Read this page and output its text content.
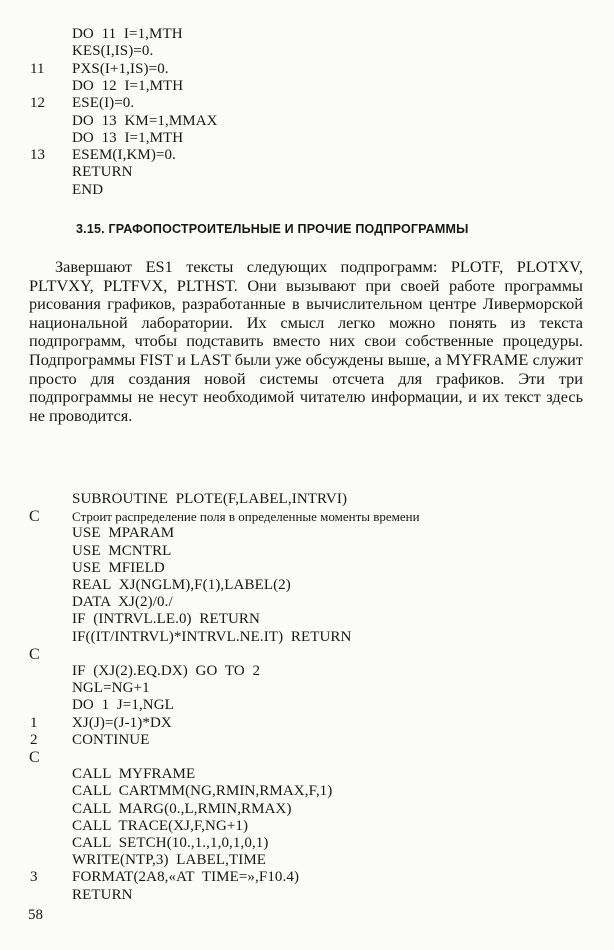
DO  11  I=1,MTH
KES(I,IS)=0.
11	PXS(I+1,IS)=0.
DO  12  I=1,MTH
12	ESE(I)=0.
DO  13  KM=1,MMAX
DO  13  I=1,MTH
13	ESEM(I,KM)=0.
RETURN
END
3.15. ГРАФОПОСТРОИТЕЛЬНЫЕ И ПРОЧИЕ ПОДПРОГРАММЫ
Завершают ES1 тексты следующих подпрограмм: PLOTF, PLOTXV, PLTVXY, PLTFVX, PLTHST. Они вызывают при своей работе программы рисования графиков, разработанные в вычислительном центре Ливерморской национальной лаборатории. Их смысл легко можно понять из текста подпрограмм, чтобы подставить вместо них свои собственные процедуры. Подпрограммы FIST и LAST были уже обсуждены выше, а MYFRAME служит просто для создания новой системы отсчета для графиков. Эти три подпрограммы не несут необходимой читателю информации, и их текст здесь не проводится.
SUBROUTINE  PLOTE(F,LABEL,INTRVI)
C	Строит распределение поля в определенные моменты времени
USE  MPARAM
USE  MCNTRL
USE  MFIELD
REAL  XJ(NGLM),F(1),LABEL(2)
DATA  XJ(2)/0./
IF  (INTRVL.LE.0)  RETURN
IF((IT/INTRVL)*INTRVL.NE.IT)  RETURN
C
IF  (XJ(2).EQ.DX)  GO  TO  2
NGL=NG+1
DO  1  J=1,NGL
1	XJ(J)=(J-1)*DX
2	CONTINUE
C
CALL  MYFRAME
CALL  CARTMM(NG,RMIN,RMAX,F,1)
CALL  MARG(0.,L,RMIN,RMAX)
CALL  TRACE(XJ,F,NG+1)
CALL  SETCH(10.,1.,1,0,1,0,1)
WRITE(NTP,3)  LABEL,TIME
3	FORMAT(2A8,«AT  TIME=»,F10.4)
RETURN
58
